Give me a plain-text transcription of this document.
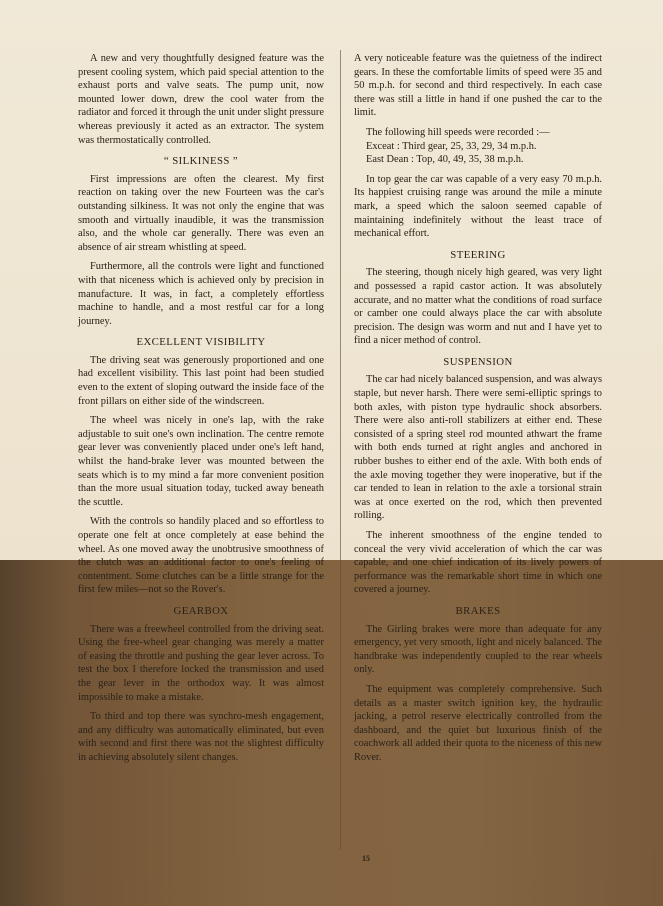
A new and very thoughtfully designed feature was the present cooling system, which paid special attention to the exhaust ports and valve seats. The pump unit, now mounted lower down, drew the cool water from the radiator and forced it through the unit under slight pressure whereas previously it acted as an extractor. The system was thermostatically controlled.

“ SILKINESS ”

First impressions are often the clearest. My first reaction on taking over the new Fourteen was the car's outstanding silkiness. It was not only the engine that was smooth and virtually inaudible, it was the transmission also, and the whole car generally. There was even an absence of air stream whistling at speed.

Furthermore, all the controls were light and functioned with that niceness which is achieved only by precision in manufacture. It was, in fact, a completely effortless machine to handle, and a most restful car for a long journey.

EXCELLENT VISIBILITY

The driving seat was generously proportioned and one had excellent visibility. This last point had been studied even to the extent of sloping outward the inside face of the front pillars on either side of the windscreen.

The wheel was nicely in one's lap, with the rake adjustable to suit one's own inclination. The centre remote gear lever was conveniently placed under one's left hand, whilst the hand-brake lever was mounted between the seats which is to my mind a far more convenient position than the more usual situation today, tucked away beneath the scuttle.

With the controls so handily placed and so effortless to operate one felt at once completely at ease behind the wheel. As one moved away the unobtrusive smoothness of the clutch was an additional factor to one's feeling of contentment. Some clutches can be a little strange for the first few miles—not so the Rover's.

GEARBOX

There was a freewheel controlled from the driving seat. Using the free-wheel gear changing was merely a matter of easing the throttle and pushing the gear lever across. To test the box I therefore locked the transmission and used the gear lever in the orthodox way. It was almost impossible to make a mistake.

To third and top there was synchro-mesh engagement, and any difficulty was automatically eliminated, but even with second and first there was not the slightest difficulty in achieving absolutely silent changes.

A very noticeable feature was the quietness of the indirect gears. In these the comfortable limits of speed were 35 and 50 m.p.h. for second and third respectively. In each case there was still a little in hand if one pushed the car to the limit.

The following hill speeds were recorded :—

Exceat : Third gear, 25, 33, 29, 34 m.p.h.

East Dean : Top, 40, 49, 35, 38 m.p.h.

In top gear the car was capable of a very easy 70 m.p.h. Its happiest cruising range was around the mile a minute mark, a speed which the saloon seemed capable of maintaining indefinitely without the least trace of mechanical effort.

STEERING

The steering, though nicely high geared, was very light and possessed a rapid castor action. It was absolutely accurate, and no matter what the conditions of road surface or camber one could always place the car with absolute precision. The design was worm and nut and I have yet to find a nicer method of control.

SUSPENSION

The car had nicely balanced suspension, and was always staple, but never harsh. There were semi-elliptic springs to both axles, with piston type hydraulic shock absorbers. There were also anti-roll stabilizers at either end. These consisted of a spring steel rod mounted athwart the frame with both ends turned at right angles and anchored in rubber bushes to either end of the axle. With both ends of the axle moving together they were inoperative, but if the car tended to lean in relation to the axle a torsional strain was at once exerted on the rod, which then prevented rolling.

The inherent smoothness of the engine tended to conceal the very vivid acceleration of which the car was capable, and one chief indication of its lively powers of performance was the remarkable short time in which one covered a journey.

BRAKES

The Girling brakes were more than adequate for any emergency, yet very smooth, light and nicely balanced. The handbrake was independently coupled to the rear wheels only.

The equipment was completely comprehensive. Such details as a master switch ignition key, the hydraulic jacking, a petrol reserve electrically controlled from the dashboard, and the quiet but luxurious finish of the coachwork all added their quota to the niceness of this new Rover.

15
